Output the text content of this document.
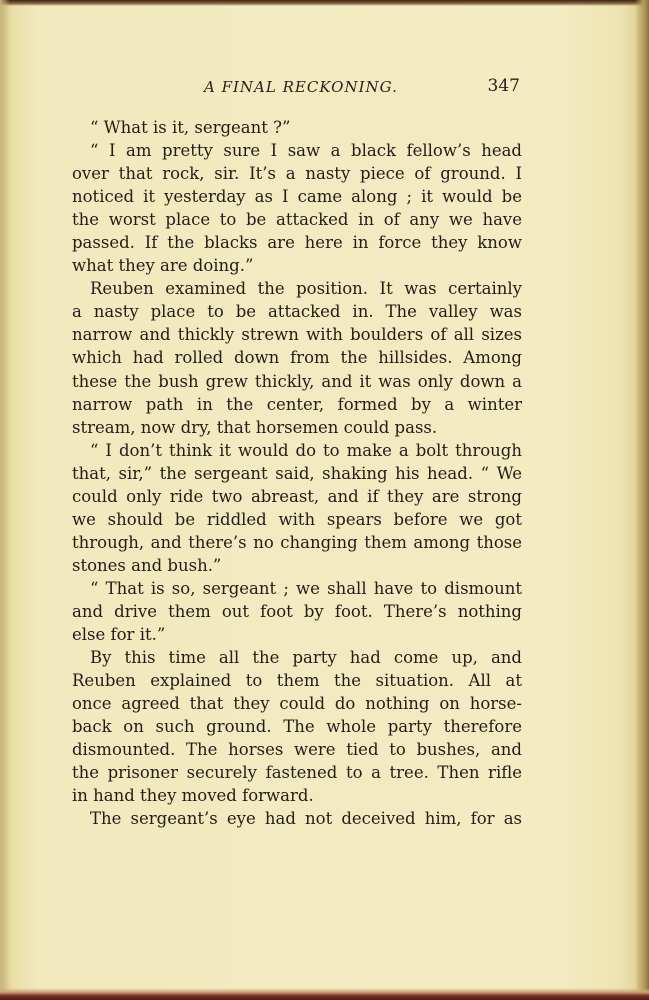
A FINAL RECKONING.	347

“ What is it, sergeant ?”

“ I am pretty sure I saw a black fellow’s head
over that rock, sir. It’s a nasty piece of ground. I
noticed it yesterday as I came along ; it would be
the worst place to be attacked in of any we have
passed. If the blacks are here in force they know
what they are doing.”

Reuben examined the position. It was certainly
a nasty place to be attacked in. The valley was
narrow and thickly strewn with boulders of all sizes
which had rolled down from the hillsides. Among
these the bush grew thickly, and it was only down a
narrow path in the center, formed by a winter
stream, now dry, that horsemen could pass.

“ I don’t think it would do to make a bolt through
that, sir,” the sergeant said, shaking his head. “ We
could only ride two abreast, and if they are strong
we should be riddled with spears before we got
through, and there’s no changing them among those
stones and bush.”

“ That is so, sergeant ; we shall have to dismount
and drive them out foot by foot. There’s nothing
else for it.”

By this time all the party had come up, and
Reuben explained to them the situation. All at
once agreed that they could do nothing on horse-
back on such ground. The whole party therefore
dismounted. The horses were tied to bushes, and
the prisoner securely fastened to a tree. Then rifle
in hand they moved forward.

The sergeant’s eye had not deceived him, for as
